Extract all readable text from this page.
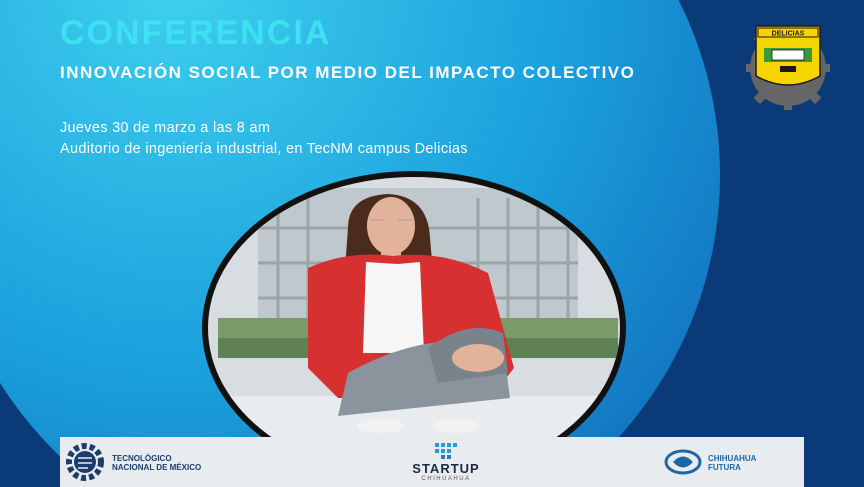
CONFERENCIA
INNOVACIÓN SOCIAL POR MEDIO DEL IMPACTO COLECTIVO
Jueves 30 de marzo a las 8 am
Auditorio de ingeniería industrial, en TecNM campus Delicias
DELICIAS
TECNOLÓGICO
NACIONAL DE MÉXICO	STARTUP
CHIHUAHUA
CHIHUAHUA
FUTURA
